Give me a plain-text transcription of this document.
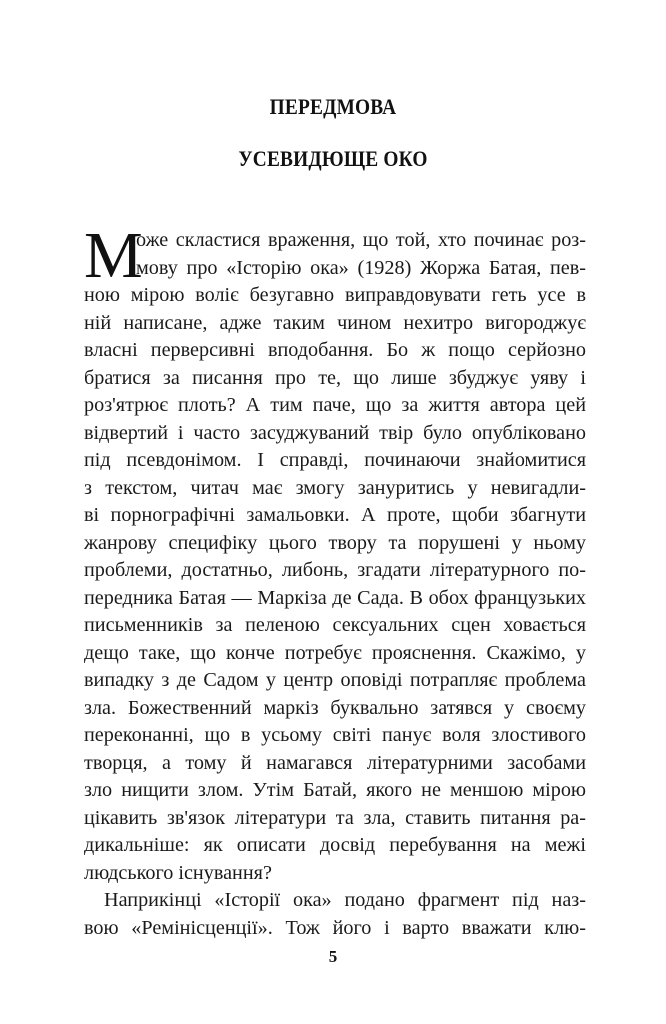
ПЕРЕДМОВА
УСЕВИДЮЩЕ ОКО
М
оже скластися враження, що той, хто починає роз-
мову про «Історію ока» (1928) Жоржа Батая, пев-
ною мірою воліє безугавно виправдовувати геть усе в
ній написане, адже таким чином нехитро вигороджує
власні перверсивні вподобання. Бо ж пощо серйозно
братися за писання про те, що лише збуджує уяву і
роз'ятрює плоть? А тим паче, що за життя автора цей
відвертий і часто засуджуваний твір було опубліковано
під псевдонімом. І справді, починаючи знайомитися
з текстом, читач має змогу зануритись у невигадли-
ві порнографічні замальовки. А проте, щоби збагнути
жанрову специфіку цього твору та порушені у ньому
проблеми, достатньо, либонь, згадати літературного по-
передника Батая — Маркіза де Сада. В обох французьких
письменників за пеленою сексуальних сцен ховається
дещо таке, що конче потребує прояснення. Скажімо, у
випадку з де Садом у центр оповіді потрапляє проблема
зла. Божественний маркіз буквально затявся у своєму
переконанні, що в усьому світі панує воля злостивого
творця, а тому й намагався літературними засобами
зло нищити злом. Утім Батай, якого не меншою мірою
цікавить зв'язок літератури та зла, ставить питання ра-
дикальніше: як описати досвід перебування на межі
людського існування?
Наприкінці «Історії ока» подано фрагмент під наз-
вою «Ремінісценції». Тож його і варто вважати клю-
5
